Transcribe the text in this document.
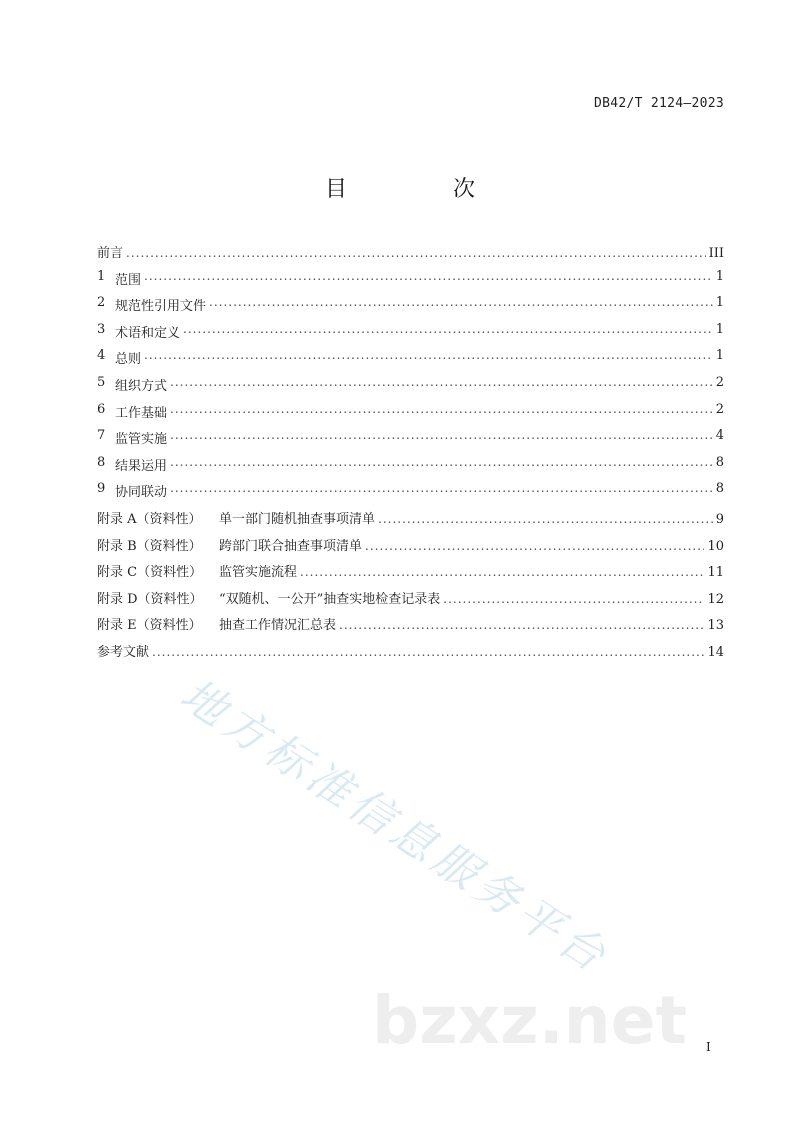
DB42/T 2124—2023
目　次
前言 .....	III
1 范围 .....	1
2 规范性引用文件 .....	1
3 术语和定义 .....	1
4 总则 .....	1
5 组织方式 .....	2
6 工作基础 .....	2
7 监管实施 .....	4
8 结果运用 .....	8
9 协同联动 .....	8
附录 A（资料性）	单一部门随机抽查事项清单 .....	9
附录 B（资料性）	跨部门联合抽查事项清单 .....	10
附录 C（资料性）	监管实施流程 .....	11
附录 D（资料性）	“双随机、一公开”抽查实地检查记录表 .....	12
附录 E（资料性）	抽查工作情况汇总表 .....	13
参考文献 .....	14
地方标准信息服务平台
bzxz.net I
